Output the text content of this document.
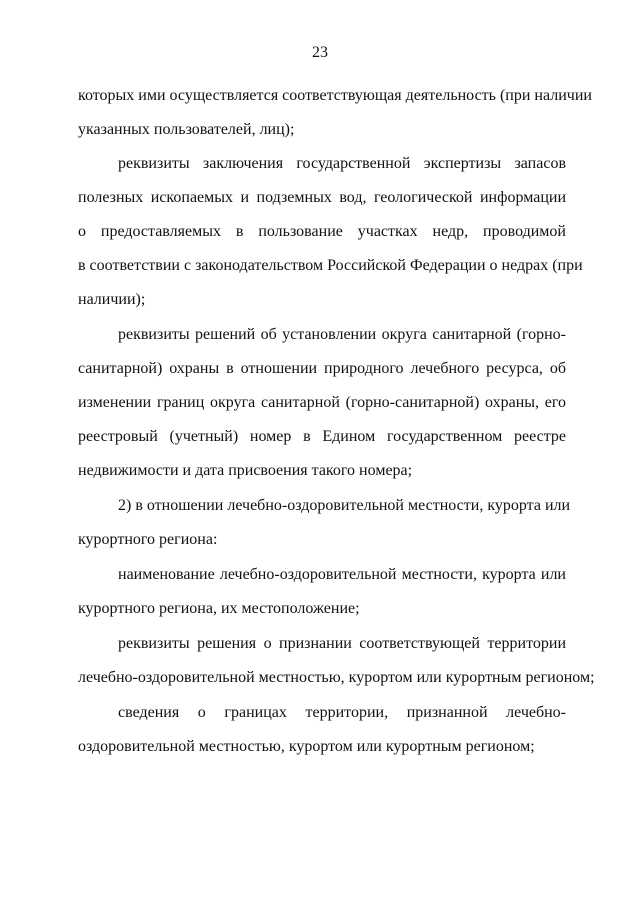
23
которых ими осуществляется соответствующая деятельность (при наличии
указанных пользователей, лиц);
реквизиты заключения государственной экспертизы запасов
полезных ископаемых и подземных вод, геологической информации
о предоставляемых в пользование участках недр, проводимой
в соответствии с законодательством Российской Федерации о недрах (при
наличии);
реквизиты решений об установлении округа санитарной (горно-
санитарной) охраны в отношении природного лечебного ресурса, об
изменении границ округа санитарной (горно-санитарной) охраны, его
реестровый (учетный) номер в Едином государственном реестре
недвижимости и дата присвоения такого номера;
2) в отношении лечебно-оздоровительной местности, курорта или
курортного региона:
наименование лечебно-оздоровительной местности, курорта или
курортного региона, их местоположение;
реквизиты решения о признании соответствующей территории
лечебно-оздоровительной местностью, курортом или курортным регионом;
сведения о границах территории, признанной лечебно-
оздоровительной местностью, курортом или курортным регионом;
